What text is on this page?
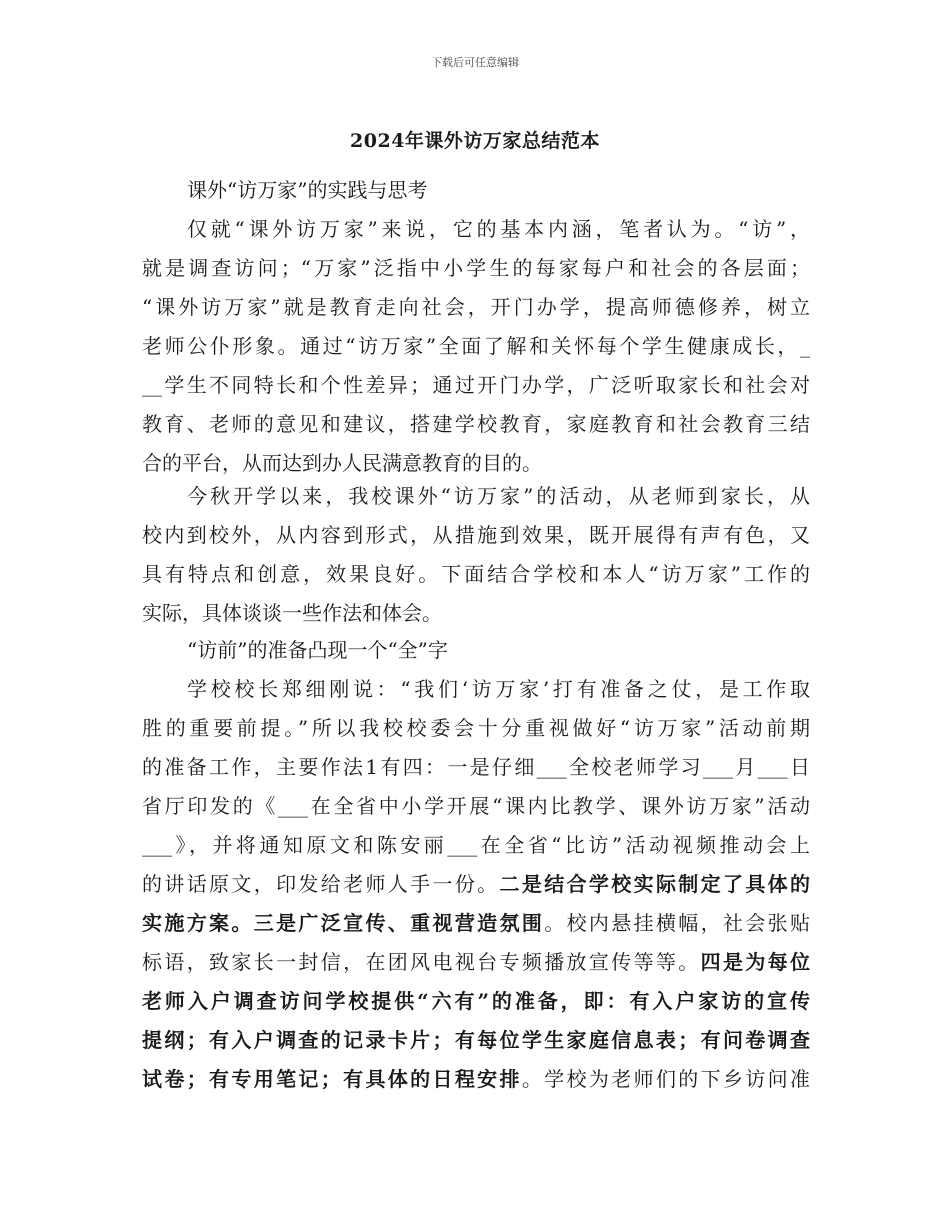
下载后可任意编辑
2024年课外访万家总结范本
课外“访万家”的实践与思考
仅就“课外访万家”来说，它的基本内涵，笔者认为。“访”，
就是调查访问；“万家”泛指中小学生的每家每户和社会的各层面；
“课外访万家”就是教育走向社会，开门办学，提高师德修养，树立
老师公仆形象。通过“访万家”全面了解和关怀每个学生健康成长，_
__学生不同特长和个性差异；通过开门办学，广泛听取家长和社会对
教育、老师的意见和建议，搭建学校教育，家庭教育和社会教育三结
合的平台，从而达到办人民满意教育的目的。
今秋开学以来，我校课外“访万家”的活动，从老师到家长，从
校内到校外，从内容到形式，从措施到效果，既开展得有声有色，又
具有特点和创意，效果良好。下面结合学校和本人“访万家”工作的
实际，具体谈谈一些作法和体会。
“访前”的准备凸现一个“全”字
学校校长郑细刚说：“我们‘访万家’打有准备之仗，是工作取
胜的重要前提。”所以我校校委会十分重视做好“访万家”活动前期
的准备工作，主要作法1有四：一是仔细___全校老师学习___月___日
省厅印发的《___在全省中小学开展“课内比教学、课外访万家”活动
___》，并将通知原文和陈安丽___在全省“比访”活动视频推动会上
的讲话原文，印发给老师人手一份。二是结合学校实际制定了具体的
实施方案。三是广泛宣传、重视营造氛围。校内悬挂横幅，社会张贴
标语，致家长一封信，在团风电视台专频播放宣传等等。四是为每位
老师入户调查访问学校提供“六有”的准备，即：有入户家访的宣传
提纲；有入户调查的记录卡片；有每位学生家庭信息表；有问卷调查
试卷；有专用笔记；有具体的日程安排。学校为老师们的下乡访问准
